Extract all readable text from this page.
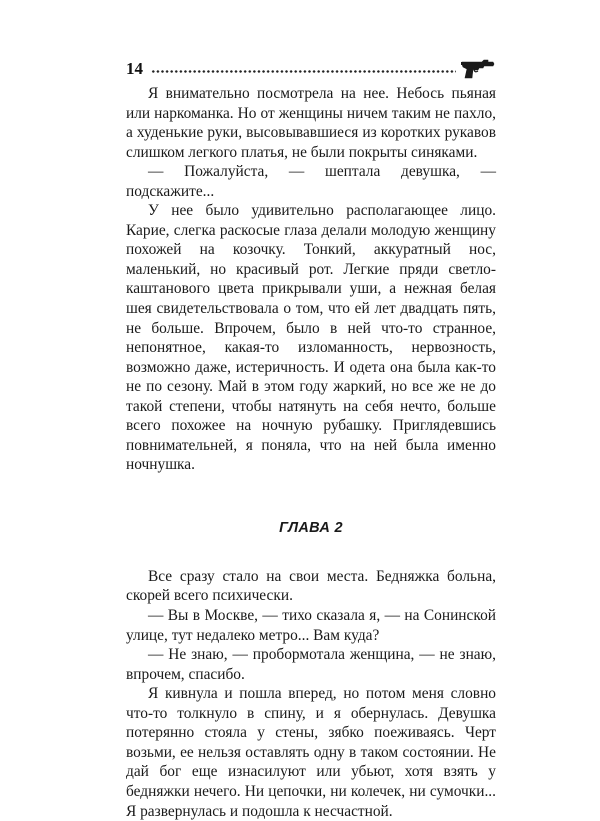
14

Я внимательно посмотрела на нее. Небось пьяная или наркоманка. Но от женщины ничем таким не пахло, а худенькие руки, высовывавшиеся из коротких рукавов слишком легкого платья, не были покрыты синяками.

— Пожалуйста, — шептала девушка, — подскажите...

У нее было удивительно располагающее лицо. Карие, слегка раскосые глаза делали молодую женщину похожей на козочку. Тонкий, аккуратный нос, маленький, но красивый рот. Легкие пряди светло-каштанового цвета прикрывали уши, а нежная белая шея свидетельствовала о том, что ей лет двадцать пять, не больше. Впрочем, было в ней что-то странное, непонятное, какая-то изломанность, нервозность, возможно даже, истеричность. И одета она была как-то не по сезону. Май в этом году жаркий, но все же не до такой степени, чтобы натянуть на себя нечто, больше всего похожее на ночную рубашку. Приглядевшись повнимательней, я поняла, что на ней была именно ночнушка.

ГЛАВА 2

Все сразу стало на свои места. Бедняжка больна, скорей всего психически.

— Вы в Москве, — тихо сказала я, — на Сонинской улице, тут недалеко метро... Вам куда?

— Не знаю, — пробормотала женщина, — не знаю, впрочем, спасибо.

Я кивнула и пошла вперед, но потом меня словно что-то толкнуло в спину, и я обернулась. Девушка потерянно стояла у стены, зябко поеживаясь. Черт возьми, ее нельзя оставлять одну в таком состоянии. Не дай бог еще изнасилуют или убьют, хотя взять у бедняжки нечего. Ни цепочки, ни колечек, ни сумочки... Я развернулась и подошла к несчастной.
